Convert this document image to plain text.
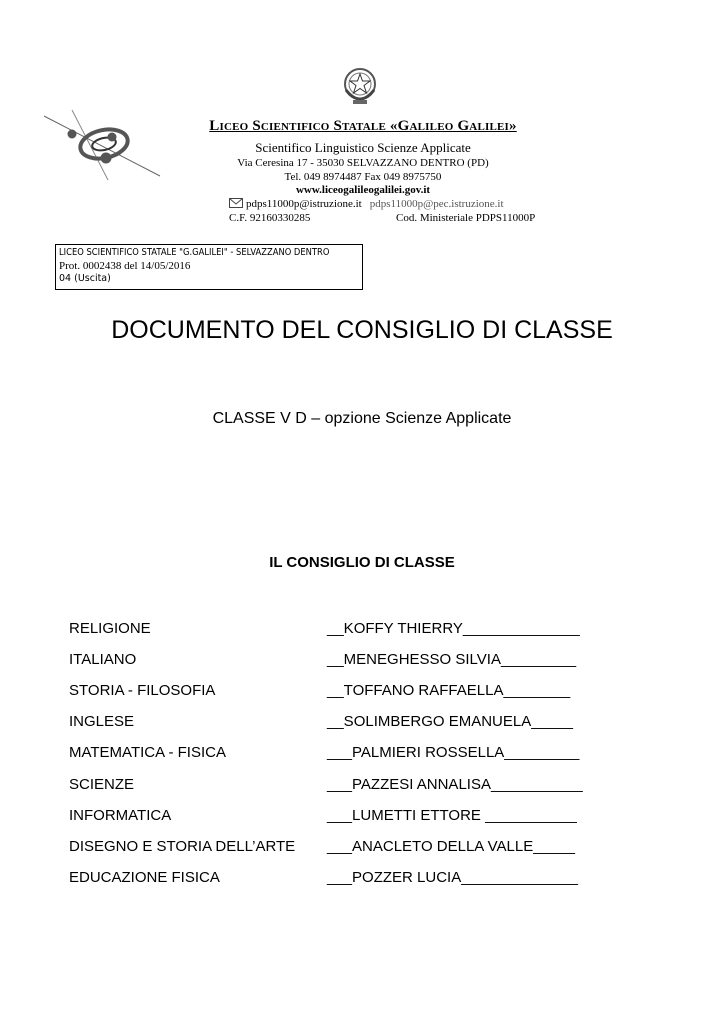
Liceo Scientifico Statale «Galileo Galilei»
Scientifico Linguistico Scienze Applicate
Via Ceresina 17 - 35030 SELVAZZANO DENTRO (PD)
Tel. 049 8974487 Fax 049 8975750
www.liceogalileogalilei.gov.it
pdps11000p@istruzione.it pdps11000p@pec.istruzione.it
C.F. 92160330285	Cod. Ministeriale PDPS11000P
LICEO SCIENTIFICO STATALE "G.GALILEI" - SELVAZZANO DENTRO
Prot. 0002438 del 14/05/2016
04 (Uscita)
DOCUMENTO DEL CONSIGLIO DI CLASSE
CLASSE V D – opzione Scienze Applicate
IL CONSIGLIO DI CLASSE
RELIGIONE	__KOFFY THIERRY______________
ITALIANO	__MENEGHESSO SILVIA_________
STORIA - FILOSOFIA	__TOFFANO RAFFAELLA________
INGLESE	__SOLIMBERGO EMANUELA_____
MATEMATICA - FISICA	___PALMIERI ROSSELLA_________
SCIENZE	___PAZZESI ANNALISA___________
INFORMATICA	___LUMETTI ETTORE ___________
DISEGNO E STORIA DELL’ARTE ___ANACLETO DELLA VALLE_____
EDUCAZIONE FISICA	___POZZER LUCIA______________
